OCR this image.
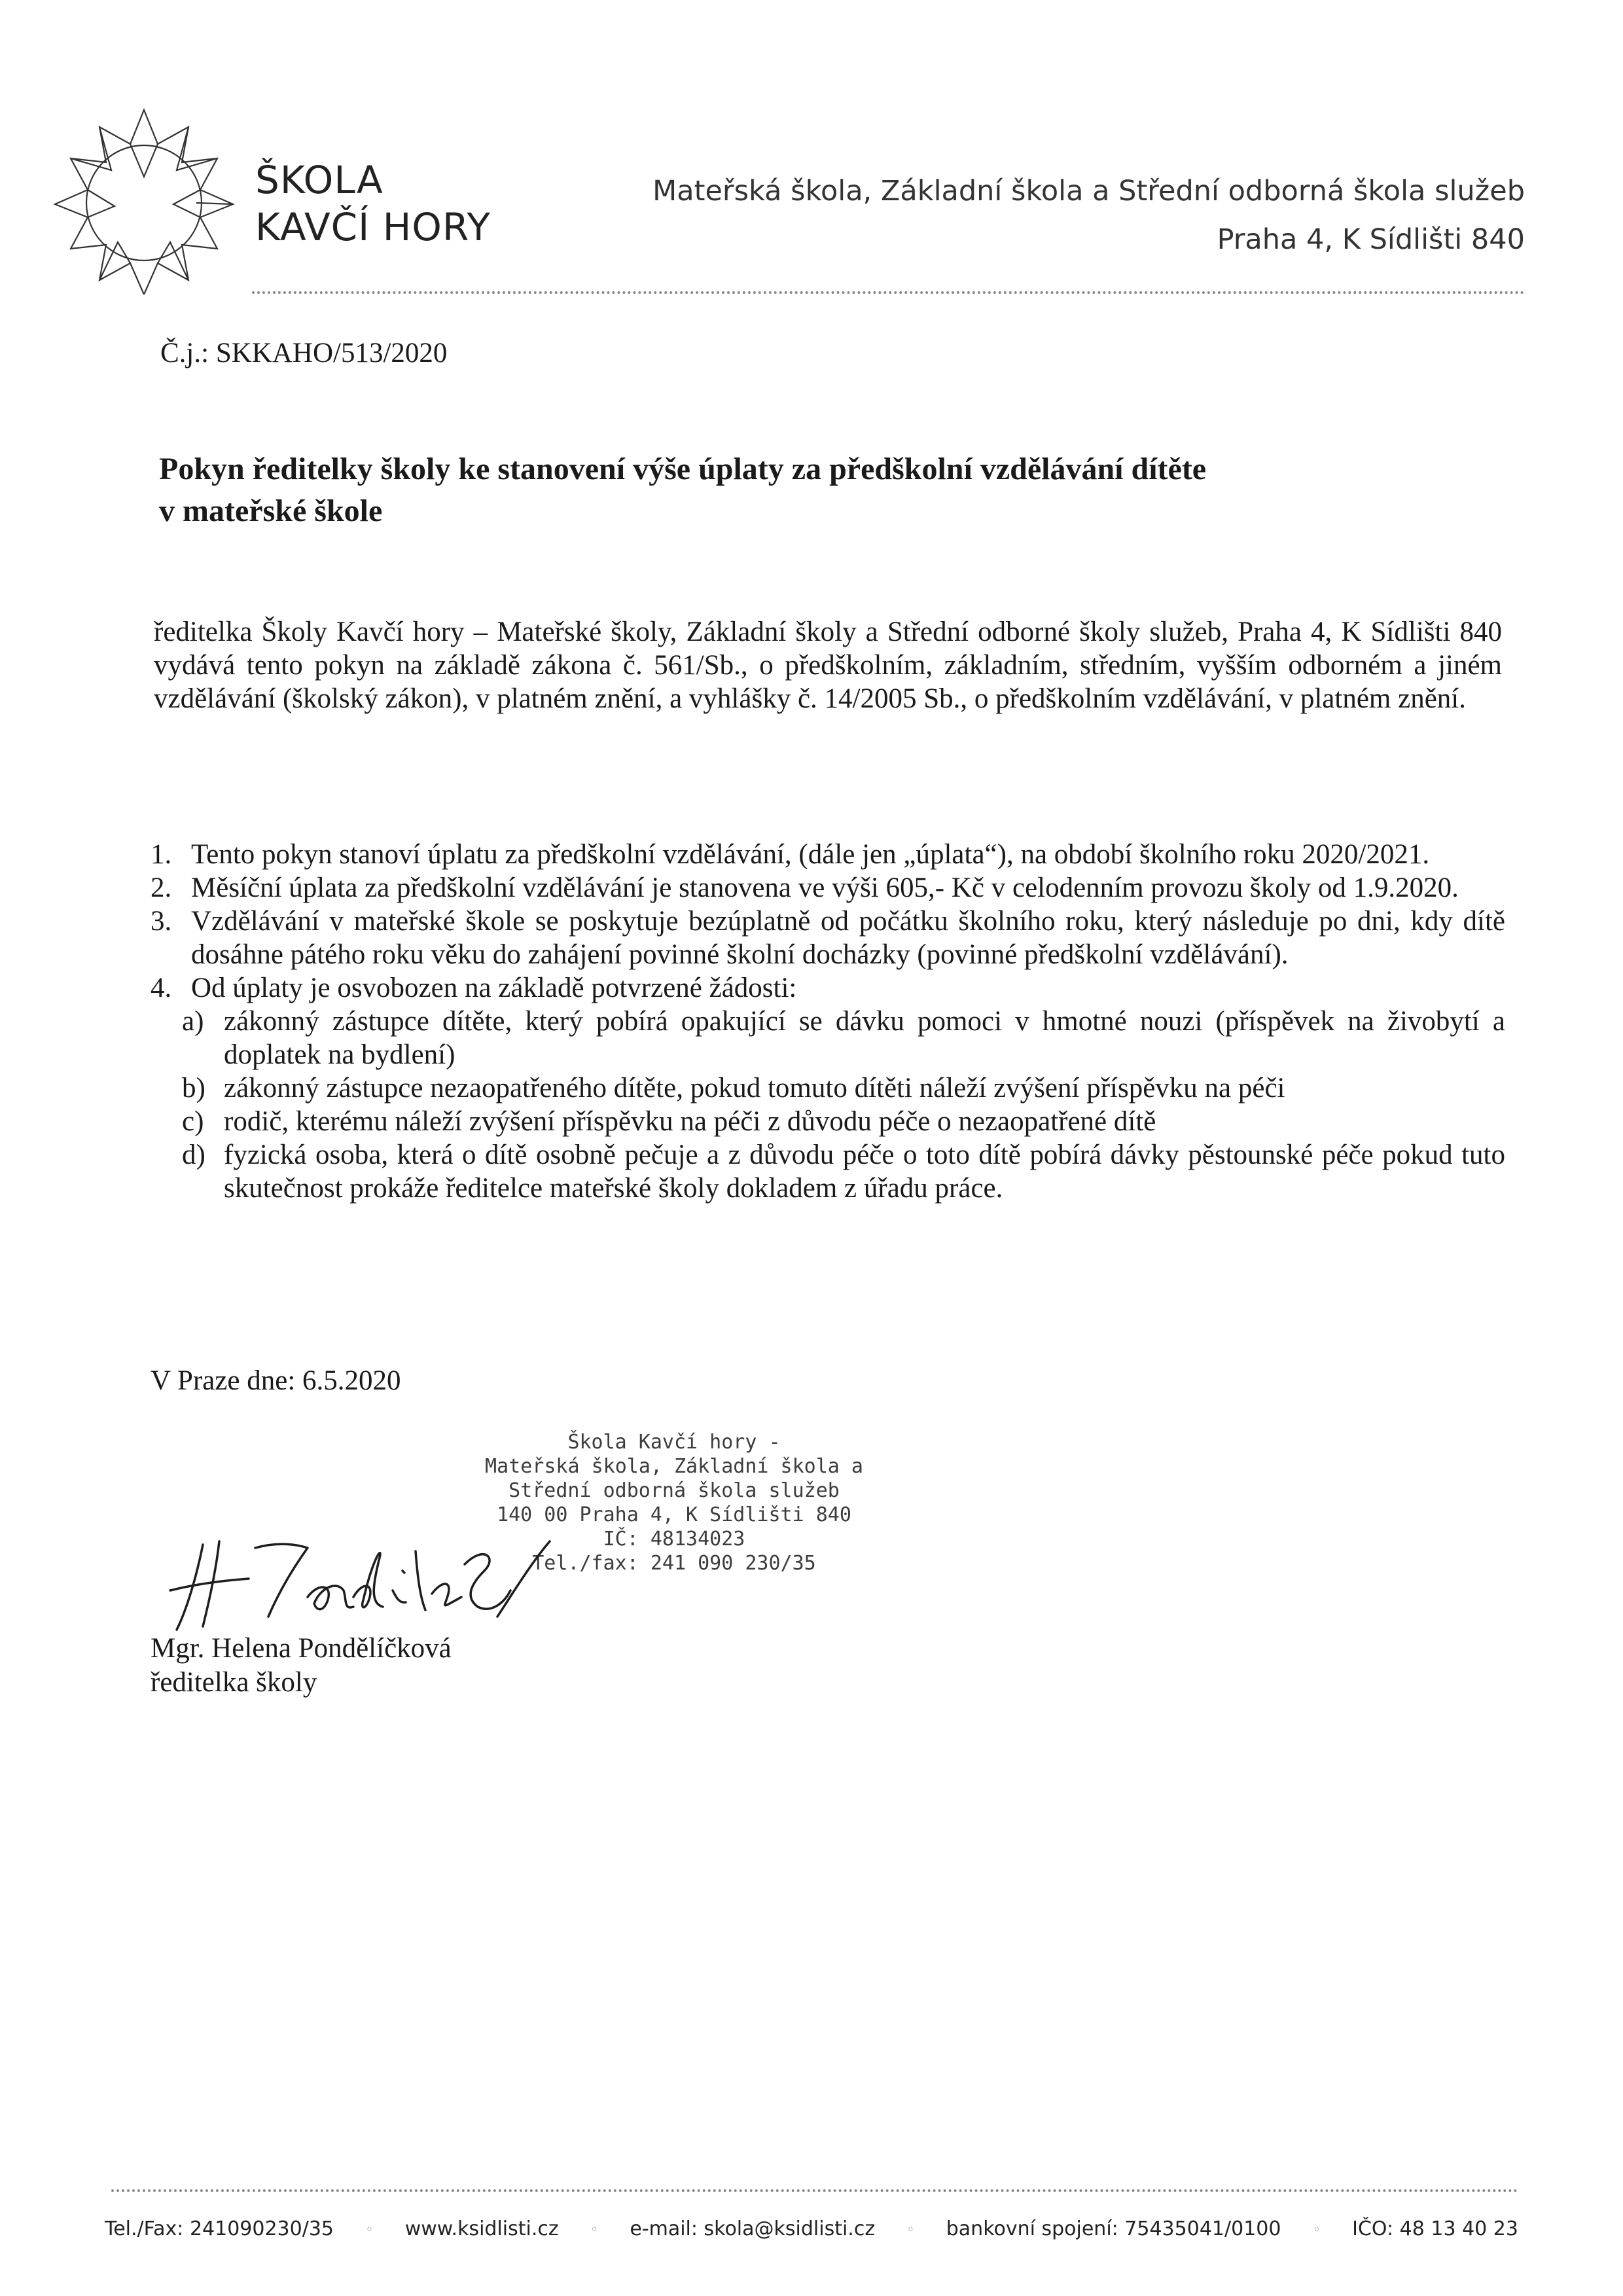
ŠKOLA
KAVČÍ HORY
Mateřská škola, Základní škola a Střední odborná škola služeb
Praha 4, K Sídlišti 840
Č.j.: SKKAHO/513/2020
Pokyn ředitelky školy ke stanovení výše úplaty za předškolní vzdělávání dítěte
v mateřské škole
ředitelka Školy Kavčí hory – Mateřské školy, Základní školy a Střední odborné školy služeb, Praha 4, K Sídlišti 840 vydává tento pokyn na základě zákona č. 561/Sb., o předškolním, základním, středním, vyšším odborném a jiném vzdělávání (školský zákon), v platném znění, a vyhlášky č. 14/2005 Sb., o předškolním vzdělávání, v platném znění.
1. Tento pokyn stanoví úplatu za předškolní vzdělávání, (dále jen „úplata“), na období školního roku 2020/2021.
2. Měsíční úplata za předškolní vzdělávání je stanovena ve výši 605,- Kč v celodenním provozu školy od 1.9.2020.
3. Vzdělávání v mateřské škole se poskytuje bezúplatně od počátku školního roku, který následuje po dni, kdy dítě dosáhne pátého roku věku do zahájení povinné školní docházky (povinné předškolní vzdělávání).
4. Od úplaty je osvobozen na základě potvrzené žádosti:
a) zákonný zástupce dítěte, který pobírá opakující se dávku pomoci v hmotné nouzi (příspěvek na živobytí a doplatek na bydlení)
b) zákonný zástupce nezaopatřeného dítěte, pokud tomuto dítěti náleží zvýšení příspěvku na péči
c) rodič, kterému náleží zvýšení příspěvku na péči z důvodu péče o nezaopatřené dítě
d) fyzická osoba, která o dítě osobně pečuje a z důvodu péče o toto dítě pobírá dávky pěstounské péče pokud tuto skutečnost prokáže ředitelce mateřské školy dokladem z úřadu práce.
V Praze dne: 6.5.2020
Škola Kavčí hory -
Mateřská škola, Základní škola a
Střední odborná škola služeb
140 00 Praha 4, K Sídlišti 840
IČ: 48134023
Tel./fax: 241 090 230/35
Mgr. Helena Pondělíčková
ředitelka školy
Tel./Fax: 241090230/35 ◦ www.ksidlisti.cz ◦ e-mail: skola@ksidlisti.cz ◦ bankovní spojení: 75435041/0100 ◦ IČO: 48 13 40 23
